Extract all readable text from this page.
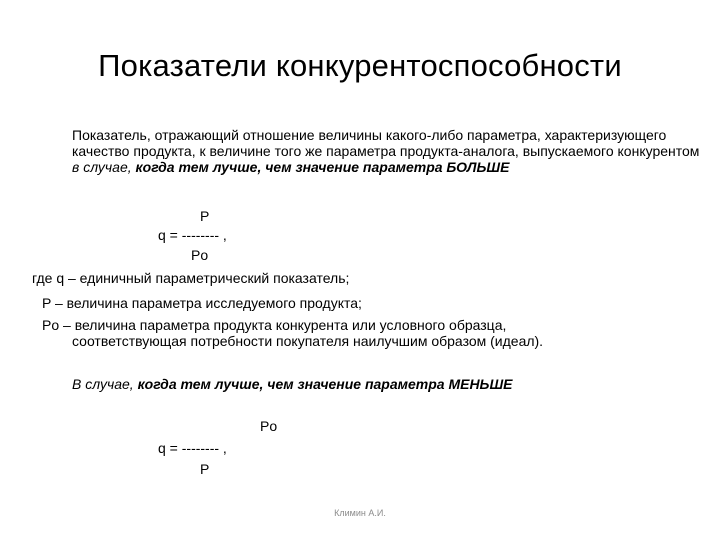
Показатели конкурентоспособности
Показатель, отражающий отношение величины какого-либо параметра, характеризующего качество продукта, к величине того же параметра продукта-аналога, выпускаемого конкурентом в случае, когда тем лучше, чем значение параметра БОЛЬШЕ
P
q = -------- ,
Po
где q – единичный параметрический показатель;
P – величина параметра исследуемого продукта;
Po – величина параметра продукта конкурента или условного образца,
соответствующая потребности покупателя наилучшим образом (идеал).
В случае, когда тем лучше, чем значение параметра МЕНЬШЕ
Po
q = -------- ,
P
Климин А.И.
